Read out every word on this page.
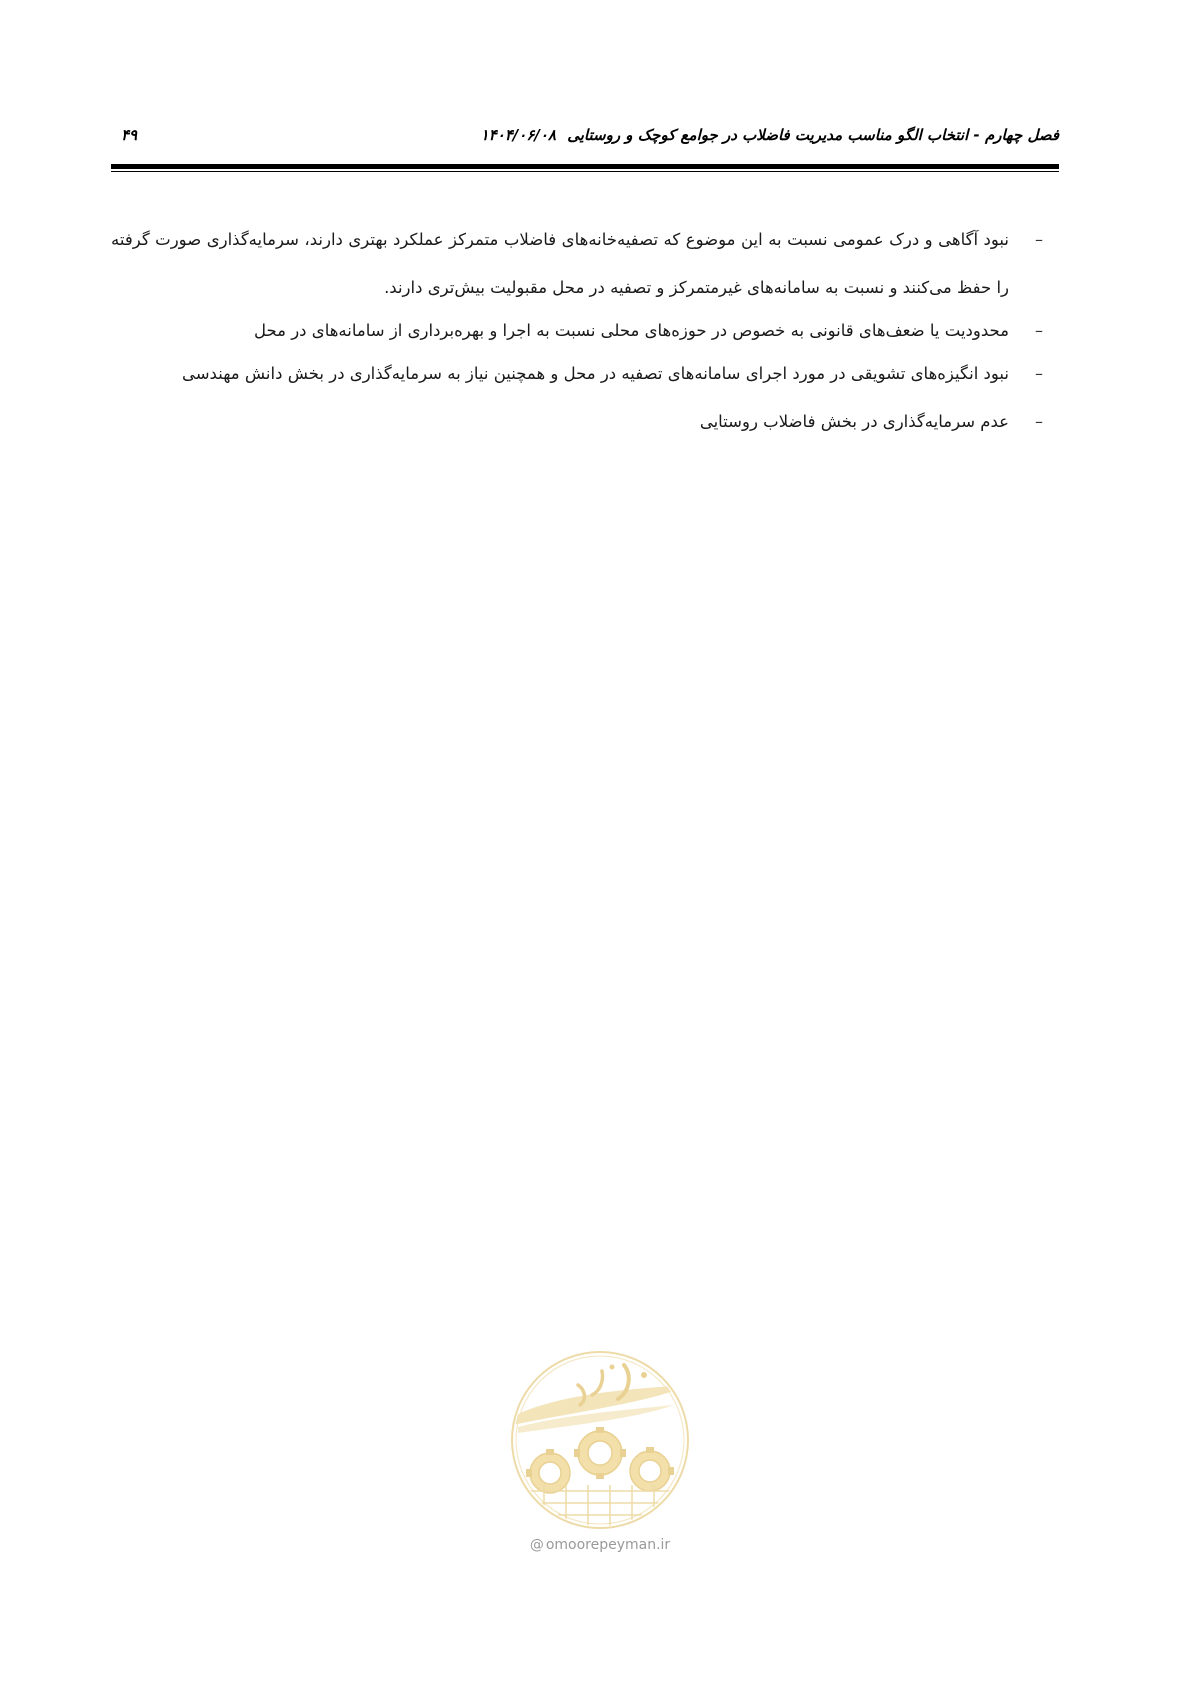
فصل چهارم - انتخاب الگو مناسب مدیریت فاضلاب در جوامع کوچک و روستایی ۱۴۰۴/۰۶/۰۸
۴۹
–
نبود آگاهی و درک عمومی نسبت به این موضوع که تصفیه‌خانه‌های فاضلاب متمرکز عملکرد بهتری دارند، سرمایه‌گذاری صورت گرفته را حفظ می‌کنند و نسبت به سامانه‌های غیرمتمرکز و تصفیه در محل مقبولیت بیش‌تری دارند.
–
محدودیت یا ضعف‌های قانونی به خصوص در حوزه‌های محلی نسبت به اجرا و بهره‌برداری از سامانه‌های در محل
–
نبود انگیزه‌های تشویقی در مورد اجرای سامانه‌های تصفیه در محل و همچنین نیاز به سرمایه‌گذاری در بخش دانش مهندسی
–
عدم سرمایه‌گذاری در بخش فاضلاب روستایی
@ omoorepeyman.ir
